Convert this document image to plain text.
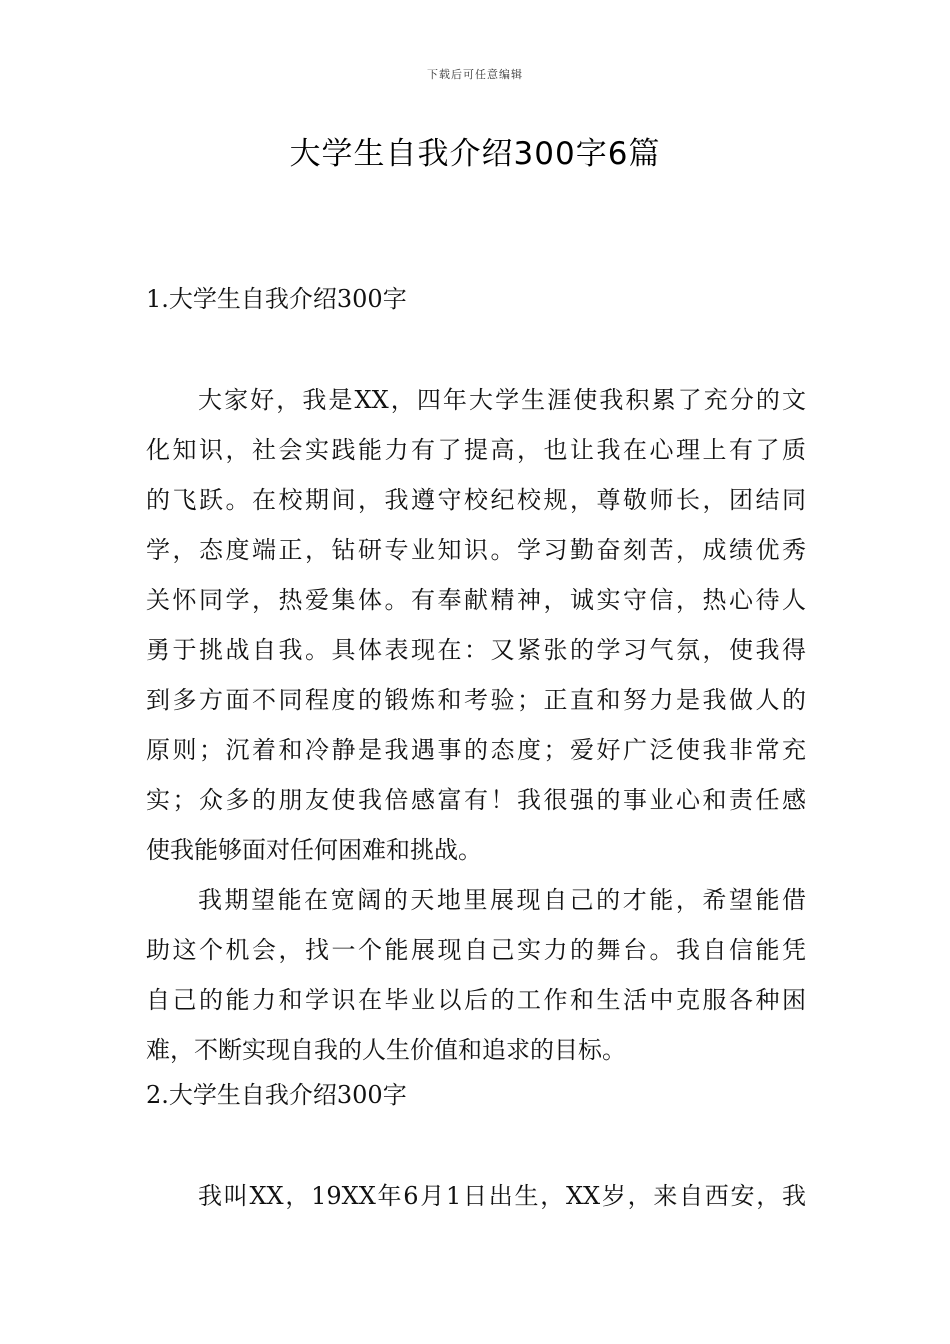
下载后可任意编辑
大学生自我介绍300字6篇
1.大学生自我介绍300字
大家好，我是XX，四年大学生涯使我积累了充分的文
化知识，社会实践能力有了提高，也让我在心理上有了质
的飞跃。在校期间，我遵守校纪校规，尊敬师长，团结同
学，态度端正，钻研专业知识。学习勤奋刻苦，成绩优秀
关怀同学，热爱集体。有奉献精神，诚实守信，热心待人
勇于挑战自我。具体表现在：又紧张的学习气氛，使我得
到多方面不同程度的锻炼和考验；正直和努力是我做人的
原则；沉着和冷静是我遇事的态度；爱好广泛使我非常充
实；众多的朋友使我倍感富有！我很强的事业心和责任感
使我能够面对任何困难和挑战。
我期望能在宽阔的天地里展现自己的才能，希望能借
助这个机会，找一个能展现自己实力的舞台。我自信能凭
自己的能力和学识在毕业以后的工作和生活中克服各种困
难，不断实现自我的人生价值和追求的目标。
2.大学生自我介绍300字
我叫XX，19XX年6月1日出生，XX岁，来自西安，我
